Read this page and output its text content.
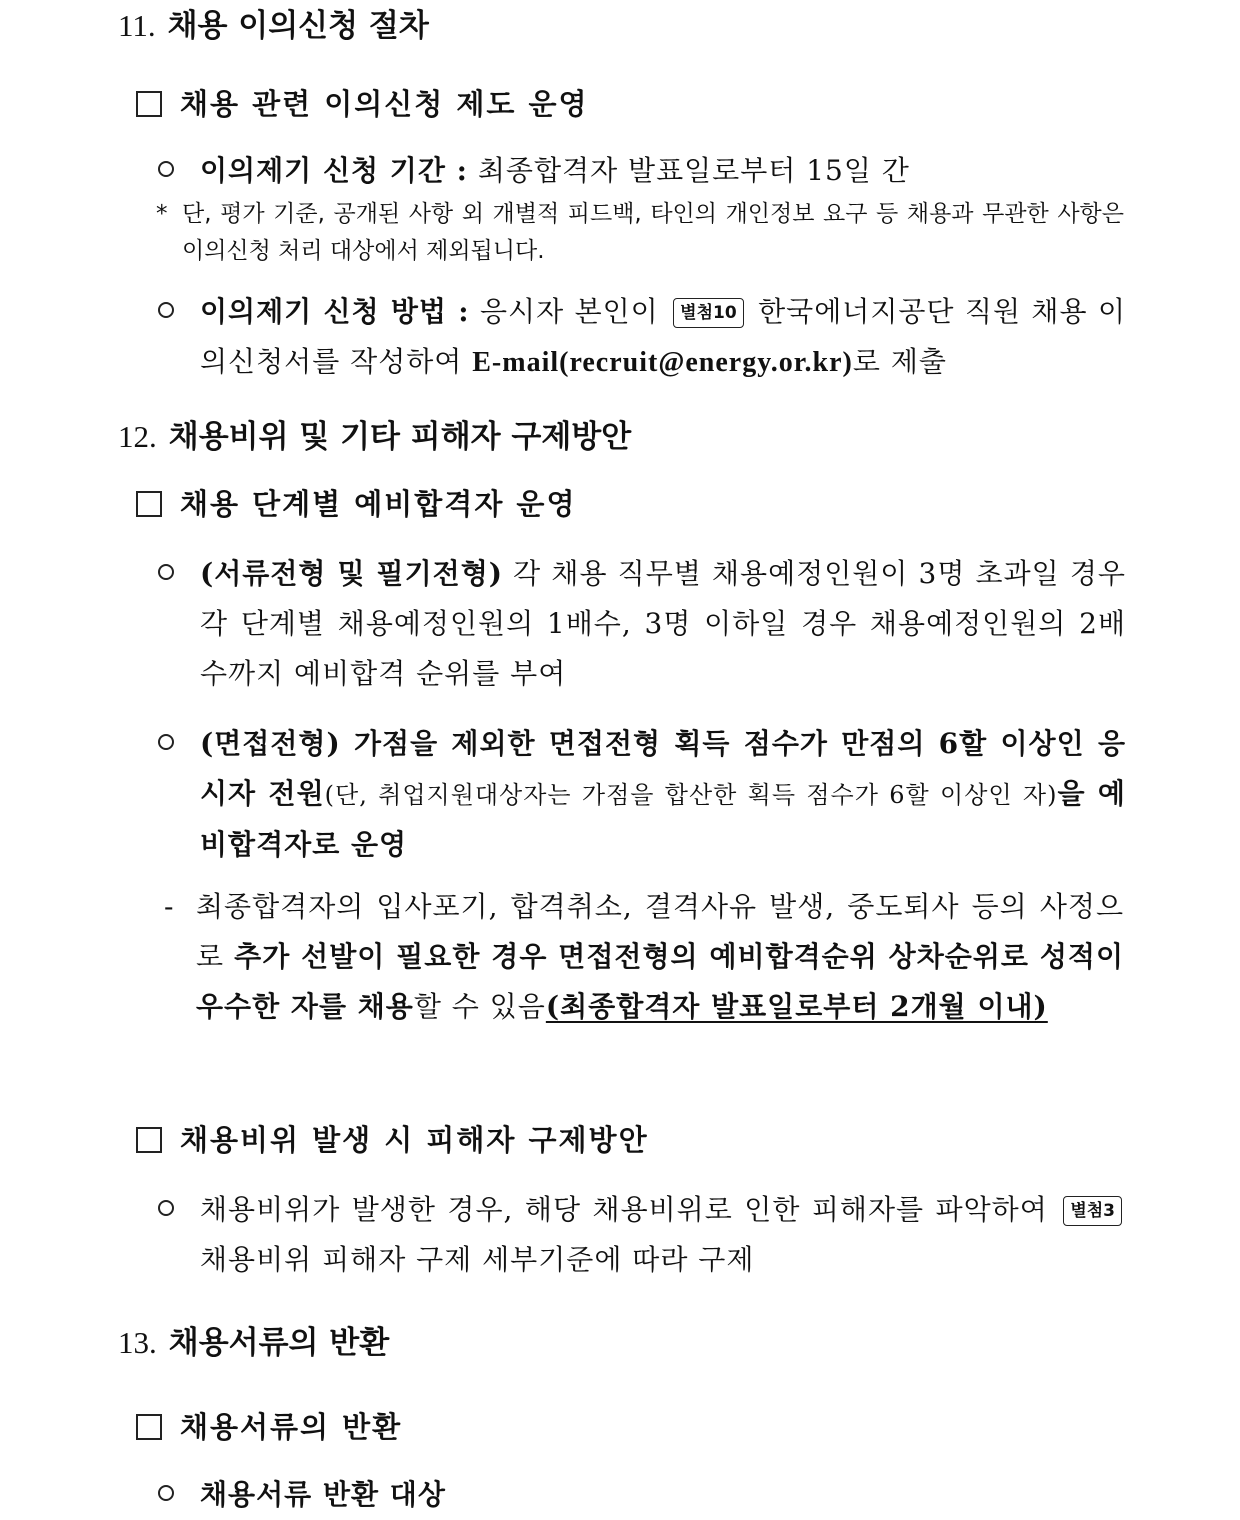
11. 채용 이의신청 절차
채용 관련 이의신청 제도 운영
이의제기 신청 기간 : 최종합격자 발표일로부터 15일 간
* 단, 평가 기준, 공개된 사항 외 개별적 피드백, 타인의 개인정보 요구 등 채용과 무관한 사항은 이의신청 처리 대상에서 제외됩니다.
이의제기 신청 방법 : 응시자 본인이 별첨10 한국에너지공단 직원 채용 이의신청서를 작성하여 E-mail(recruit@energy.or.kr)로 제출
12. 채용비위 및 기타 피해자 구제방안
채용 단계별 예비합격자 운영
(서류전형 및 필기전형) 각 채용 직무별 채용예정인원이 3명 초과일 경우 각 단계별 채용예정인원의 1배수, 3명 이하일 경우 채용예정인원의 2배수까지 예비합격 순위를 부여
(면접전형) 가점을 제외한 면접전형 획득 점수가 만점의 6할 이상인 응시자 전원(단, 취업지원대상자는 가점을 합산한 획득 점수가 6할 이상인 자)을 예비합격자로 운영
- 최종합격자의 입사포기, 합격취소, 결격사유 발생, 중도퇴사 등의 사정으로 추가 선발이 필요한 경우 면접전형의 예비합격순위 상차순위로 성적이 우수한 자를 채용할 수 있음(최종합격자 발표일로부터 2개월 이내)
채용비위 발생 시 피해자 구제방안
채용비위가 발생한 경우, 해당 채용비위로 인한 피해자를 파악하여 별첨3 채용비위 피해자 구제 세부기준에 따라 구제
13. 채용서류의 반환
채용서류의 반환
채용서류 반환 대상
